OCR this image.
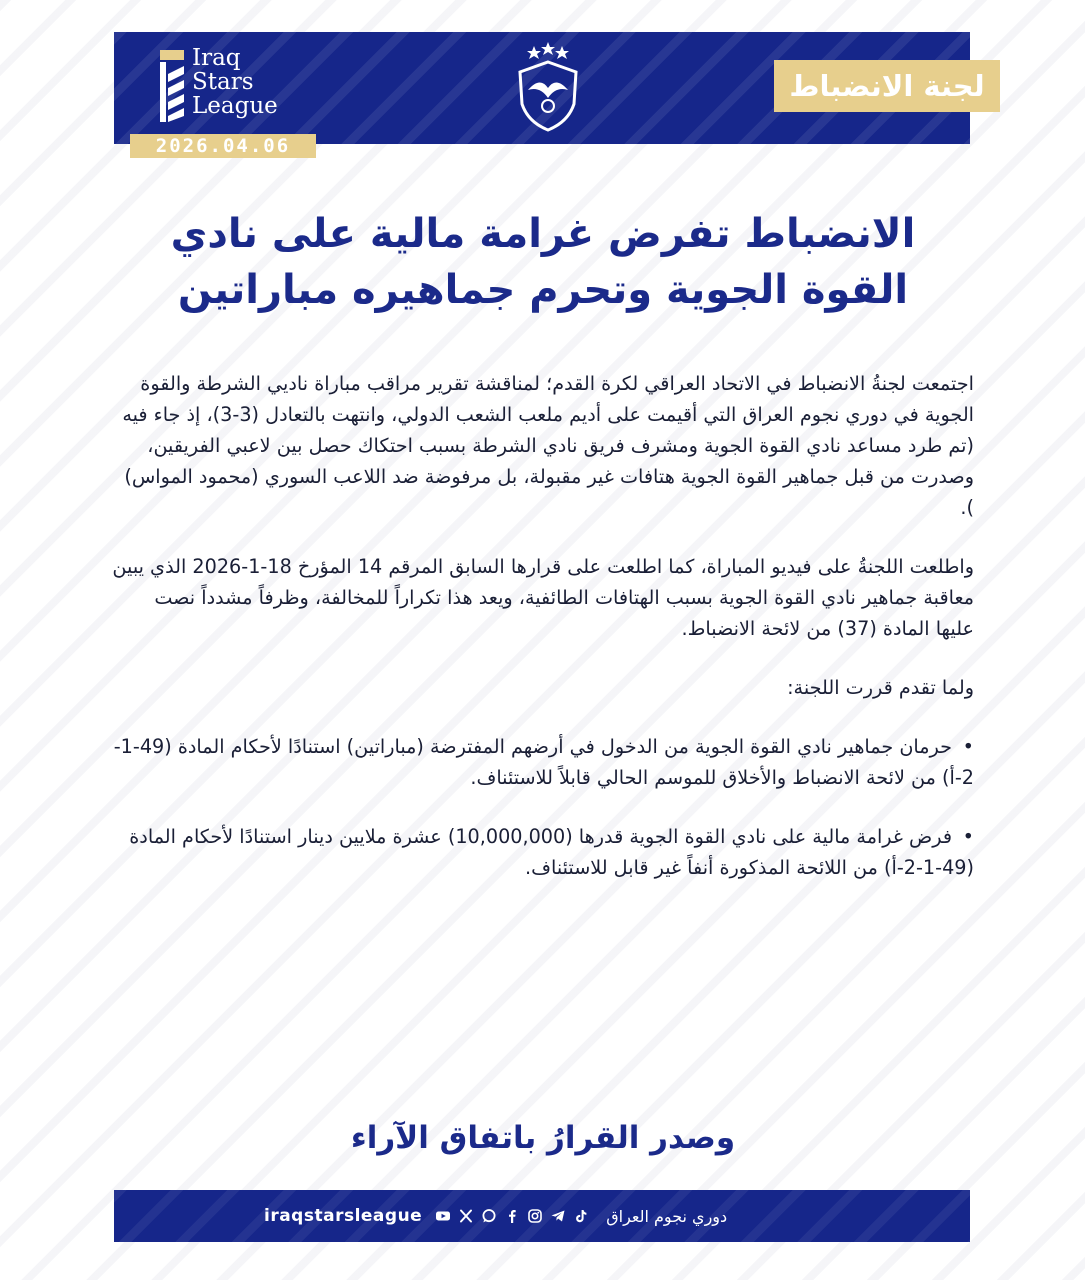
Iraq
Stars
League
لجنة الانضباط
2026.04.06
الانضباط تفرض غرامة مالية على نادي
القوة الجوية وتحرم جماهيره مباراتين

اجتمعت لجنةُ الانضباط في الاتحاد العراقي لكرة القدم؛ لمناقشة تقرير مراقب مباراة ناديي الشرطة والقوة الجوية في دوري نجوم العراق التي أقيمت على أديم ملعب الشعب الدولي، وانتهت بالتعادل (3-3)، إذ جاء فيه (تم طرد مساعد نادي القوة الجوية ومشرف فريق نادي الشرطة بسبب احتكاك حصل بين لاعبي الفريقين، وصدرت من قبل جماهير القوة الجوية هتافات غير مقبولة، بل مرفوضة ضد اللاعب السوري (محمود المواس) ).

واطلعت اللجنةُ على فيديو المباراة، كما اطلعت على قرارها السابق المرقم 14 المؤرخ 18-1-2026 الذي يبين معاقبة جماهير نادي القوة الجوية بسبب الهتافات الطائفية، ويعد هذا تكراراً للمخالفة، وظرفاً مشدداً نصت عليها المادة (37) من لائحة الانضباط.

ولما تقدم قررت اللجنة:

•حرمان جماهير نادي القوة الجوية من الدخول في أرضهم المفترضة (مباراتين) استنادًا لأحكام المادة (49-1-2-أ) من لائحة الانضباط والأخلاق للموسم الحالي قابلاً للاستئناف.
•فرض غرامة مالية على نادي القوة الجوية قدرها (10,000,000) عشرة ملايين دينار استنادًا لأحكام المادة (49-1-2-أ) من اللائحة المذكورة أنفاً غير قابل للاستئناف.
وصدر القرارُ باتفاق الآراء
iraqstarsleague	دوري نجوم العراق
